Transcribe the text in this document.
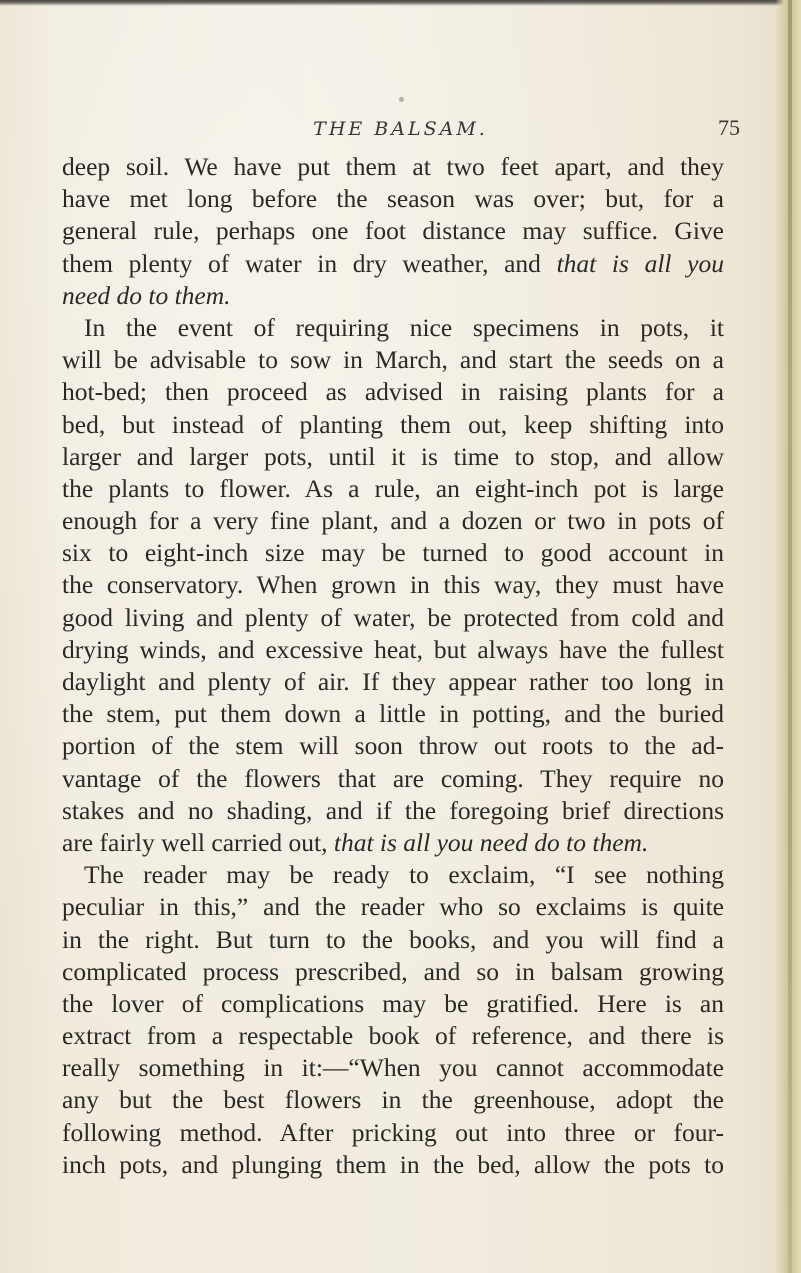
THE BALSAM.	75
deep soil. We have put them at two feet apart, and they
have met long before the season was over; but, for a
general rule, perhaps one foot distance may suffice. Give
them plenty of water in dry weather, and that is all you
need do to them.
In the event of requiring nice specimens in pots, it
will be advisable to sow in March, and start the seeds on a
hot-bed; then proceed as advised in raising plants for a
bed, but instead of planting them out, keep shifting into
larger and larger pots, until it is time to stop, and allow
the plants to flower. As a rule, an eight-inch pot is large
enough for a very fine plant, and a dozen or two in pots of
six to eight-inch size may be turned to good account in
the conservatory. When grown in this way, they must have
good living and plenty of water, be protected from cold and
drying winds, and excessive heat, but always have the fullest
daylight and plenty of air. If they appear rather too long in
the stem, put them down a little in potting, and the buried
portion of the stem will soon throw out roots to the ad-
vantage of the flowers that are coming. They require no
stakes and no shading, and if the foregoing brief directions
are fairly well carried out, that is all you need do to them.
The reader may be ready to exclaim, “I see nothing
peculiar in this,” and the reader who so exclaims is quite
in the right. But turn to the books, and you will find a
complicated process prescribed, and so in balsam growing
the lover of complications may be gratified. Here is an
extract from a respectable book of reference, and there is
really something in it:—“When you cannot accommodate
any but the best flowers in the greenhouse, adopt the
following method. After pricking out into three or four-
inch pots, and plunging them in the bed, allow the pots to
